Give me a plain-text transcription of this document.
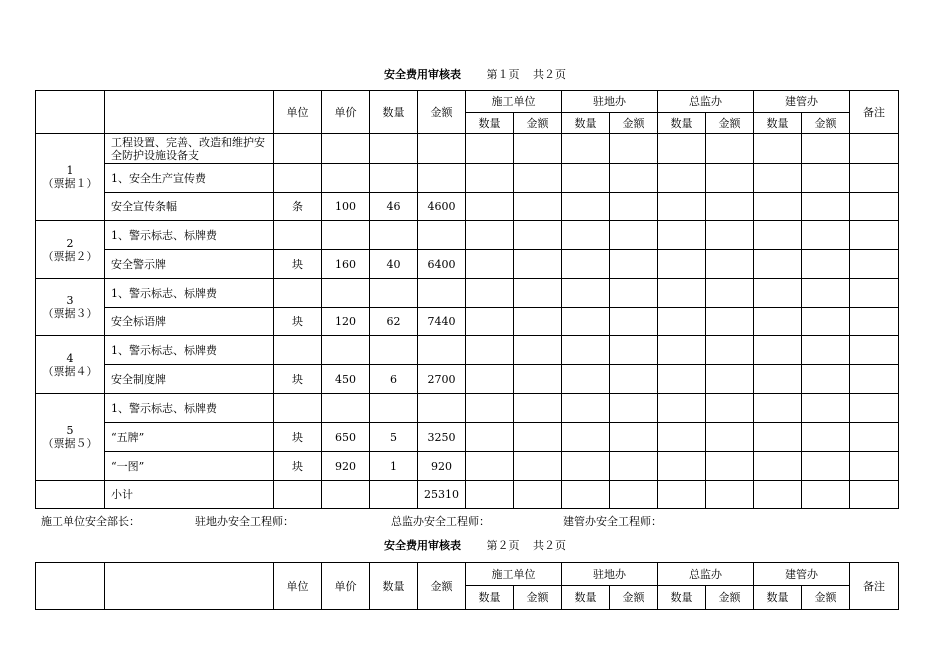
安全费用审核表 第１页 共２页
		单位	单价	数量	金额	施工单位		驻地办		总监办		建管办		备注
						数量	金额	数量	金额	数量	金额	数量	金额	

1
（票据１）	工程设置、完善、改造和维护安全防护设施设备支													
	1、安全生产宣传费													
	安全宣传条幅	条	100	46	4600									

2
（票据２）	1、警示标志、标牌费													
	安全警示牌	块	160	40	6400									

3
（票据３）	1、警示标志、标牌费													
	安全标语牌	块	120	62	7440									

4
（票据４）	1、警示标志、标牌费													
	安全制度牌	块	450	6	2700									

5
（票据５）	1、警示标志、标牌费													
	“五牌”	块	650	5	3250									
	“一图”	块	920	1	920									
	小计				25310									
施工单位安全部长：	驻地办安全工程师：	总监办安全工程师：	建管办安全工程师：
安全费用审核表 第２页 共２页
		单位	单价	数量	金额	施工单位		驻地办		总监办		建管办		备注
						数量	金额	数量	金额	数量	金额	数量	金额	
